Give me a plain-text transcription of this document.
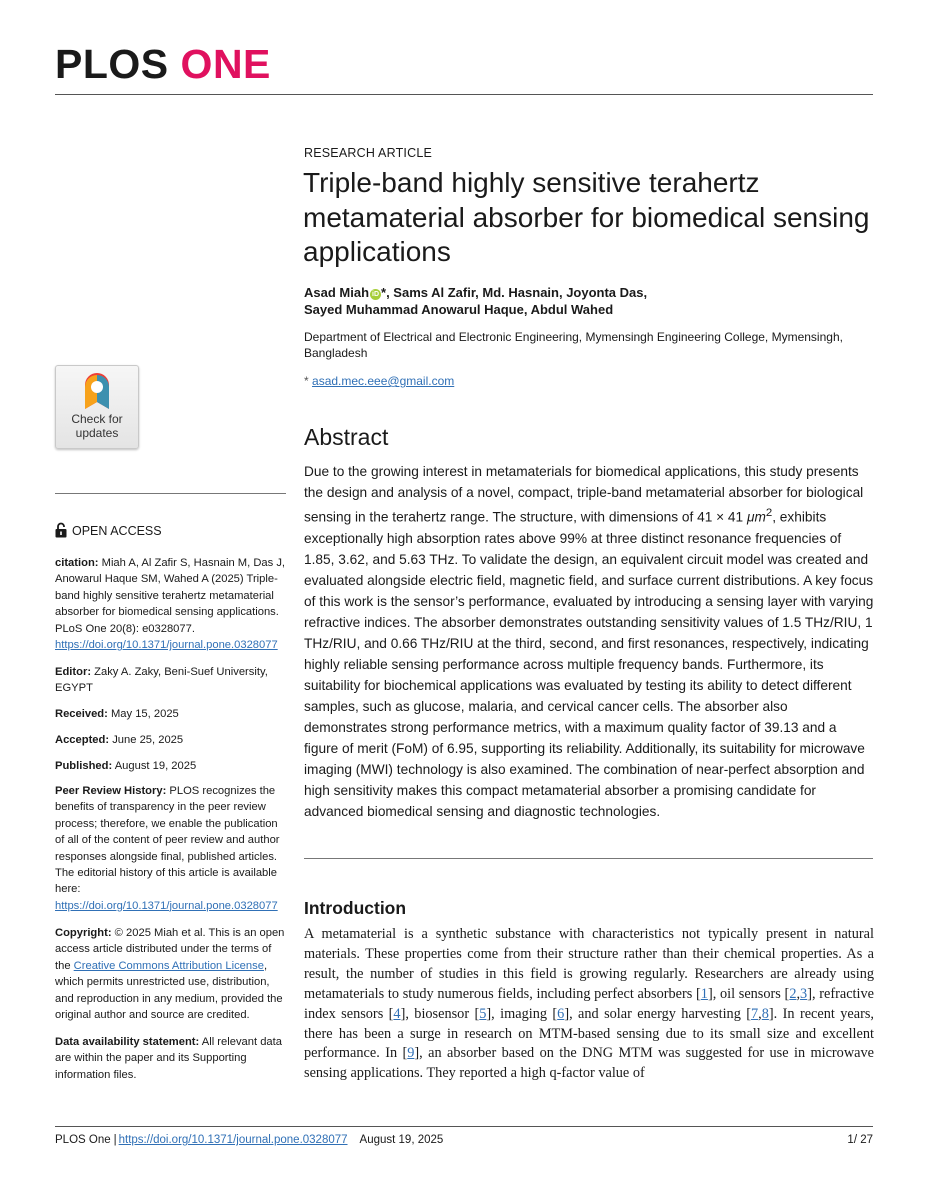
PLOS ONE
Check for
updates
OPEN ACCESS
citation: Miah A, Al Zafir S, Hasnain M, Das J, Anowarul Haque SM, Wahed A (2025) Triple-band highly sensitive terahertz metamaterial absorber for biomedical sensing applications. PLoS One 20(8): e0328077. https://doi.org/10.1371/journal.pone.0328077
Editor: Zaky A. Zaky, Beni-Suef University, EGYPT
Received: May 15, 2025
Accepted: June 25, 2025
Published: August 19, 2025
Peer Review History: PLOS recognizes the benefits of transparency in the peer review process; therefore, we enable the publication of all of the content of peer review and author responses alongside final, published articles. The editorial history of this article is available here: https://doi.org/10.1371/journal.pone.0328077
Copyright: © 2025 Miah et al. This is an open access article distributed under the terms of the Creative Commons Attribution License, which permits unrestricted use, distribution, and reproduction in any medium, provided the original author and source are credited.
Data availability statement: All relevant data are within the paper and its Supporting information files.
RESEARCH ARTICLE
Triple-band highly sensitive terahertz metamaterial absorber for biomedical sensing applications
Asad Miah iD *, Sams Al Zafir, Md. Hasnain, Joyonta Das,
Sayed Muhammad Anowarul Haque, Abdul Wahed
Department of Electrical and Electronic Engineering, Mymensingh Engineering College, Mymensingh, Bangladesh
* asad.mec.eee@gmail.com
Abstract
Due to the growing interest in metamaterials for biomedical applications, this study presents the design and analysis of a novel, compact, triple-band metamaterial absorber for biological sensing in the terahertz range. The structure, with dimensions of 41 × 41 $\mu m^2$, exhibits exceptionally high absorption rates above 99% at three distinct resonance frequencies of 1.85, 3.62, and 5.63 THz. To validate the design, an equivalent circuit model was created and evaluated alongside electric field, magnetic field, and surface current distributions. A key focus of this work is the sensor’s performance, evaluated by introducing a sensing layer with varying refractive indices. The absorber demonstrates outstanding sensitivity values of 1.5 THz/RIU, 1 THz/RIU, and 0.66 THz/RIU at the third, second, and first resonances, respectively, indicating highly reliable sensing performance across multiple frequency bands. Furthermore, its suitability for biochemical applications was evaluated by testing its ability to detect different samples, such as glucose, malaria, and cervical cancer cells. The absorber also demonstrates strong performance metrics, with a maximum quality factor of 39.13 and a figure of merit (FoM) of 6.95, supporting its reliability. Additionally, its suitability for microwave imaging (MWI) technology is also examined. The combination of near-perfect absorption and high sensitivity makes this compact metamaterial absorber a promising candidate for advanced biomedical sensing and diagnostic technologies.
Introduction
A metamaterial is a synthetic substance with characteristics not typically present in natural materials. These properties come from their structure rather than their chemical properties. As a result, the number of studies in this field is growing regularly. Researchers are already using metamaterials to study numerous fields, including perfect absorbers [1], oil sensors [2,3], refractive index sensors [4], biosensor [5], imaging [6], and solar energy harvesting [7,8]. In recent years, there has been a surge in research on MTM-based sensing due to its small size and excellent performance. In [9], an absorber based on the DNG MTM was suggested for use in microwave sensing applications. They reported a high q-factor value of
PLOS One | https://doi.org/10.1371/journal.pone.0328077 August 19, 2025	1/ 27
